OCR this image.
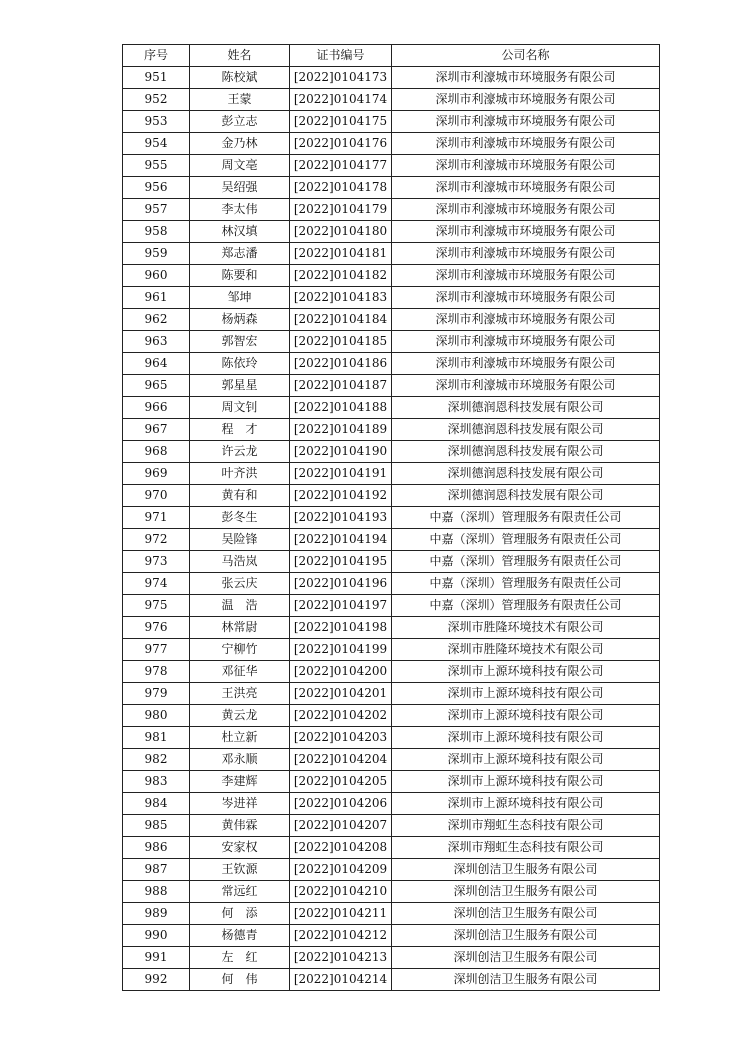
序号	姓名	证书编号	公司名称
951	陈校斌	[2022]0104173	深圳市利濠城市环境服务有限公司
952	王蒙	[2022]0104174	深圳市利濠城市环境服务有限公司
953	彭立志	[2022]0104175	深圳市利濠城市环境服务有限公司
954	金乃林	[2022]0104176	深圳市利濠城市环境服务有限公司
955	周文亳	[2022]0104177	深圳市利濠城市环境服务有限公司
956	吴绍强	[2022]0104178	深圳市利濠城市环境服务有限公司
957	李太伟	[2022]0104179	深圳市利濠城市环境服务有限公司
958	林汉填	[2022]0104180	深圳市利濠城市环境服务有限公司
959	郑志潘	[2022]0104181	深圳市利濠城市环境服务有限公司
960	陈要和	[2022]0104182	深圳市利濠城市环境服务有限公司
961	邹坤	[2022]0104183	深圳市利濠城市环境服务有限公司
962	杨炳森	[2022]0104184	深圳市利濠城市环境服务有限公司
963	郭智宏	[2022]0104185	深圳市利濠城市环境服务有限公司
964	陈依玲	[2022]0104186	深圳市利濠城市环境服务有限公司
965	郭星星	[2022]0104187	深圳市利濠城市环境服务有限公司
966	周文钊	[2022]0104188	深圳德润恩科技发展有限公司
967	程　才	[2022]0104189	深圳德润恩科技发展有限公司
968	许云龙	[2022]0104190	深圳德润恩科技发展有限公司
969	叶齐洪	[2022]0104191	深圳德润恩科技发展有限公司
970	黄有和	[2022]0104192	深圳德润恩科技发展有限公司
971	彭冬生	[2022]0104193	中嘉（深圳）管理服务有限责任公司
972	吴险锋	[2022]0104194	中嘉（深圳）管理服务有限责任公司
973	马浩岚	[2022]0104195	中嘉（深圳）管理服务有限责任公司
974	张云庆	[2022]0104196	中嘉（深圳）管理服务有限责任公司
975	温　浩	[2022]0104197	中嘉（深圳）管理服务有限责任公司
976	林常尉	[2022]0104198	深圳市胜隆环境技术有限公司
977	宁柳竹	[2022]0104199	深圳市胜隆环境技术有限公司
978	邓征华	[2022]0104200	深圳市上源环境科技有限公司
979	王洪亮	[2022]0104201	深圳市上源环境科技有限公司
980	黄云龙	[2022]0104202	深圳市上源环境科技有限公司
981	杜立新	[2022]0104203	深圳市上源环境科技有限公司
982	邓永顺	[2022]0104204	深圳市上源环境科技有限公司
983	李建辉	[2022]0104205	深圳市上源环境科技有限公司
984	岑进祥	[2022]0104206	深圳市上源环境科技有限公司
985	黄伟霖	[2022]0104207	深圳市翔虹生态科技有限公司
986	安家权	[2022]0104208	深圳市翔虹生态科技有限公司
987	王钦源	[2022]0104209	深圳创洁卫生服务有限公司
988	常远红	[2022]0104210	深圳创洁卫生服务有限公司
989	何　添	[2022]0104211	深圳创洁卫生服务有限公司
990	杨德青	[2022]0104212	深圳创洁卫生服务有限公司
991	左　红	[2022]0104213	深圳创洁卫生服务有限公司
992	何　伟	[2022]0104214	深圳创洁卫生服务有限公司
